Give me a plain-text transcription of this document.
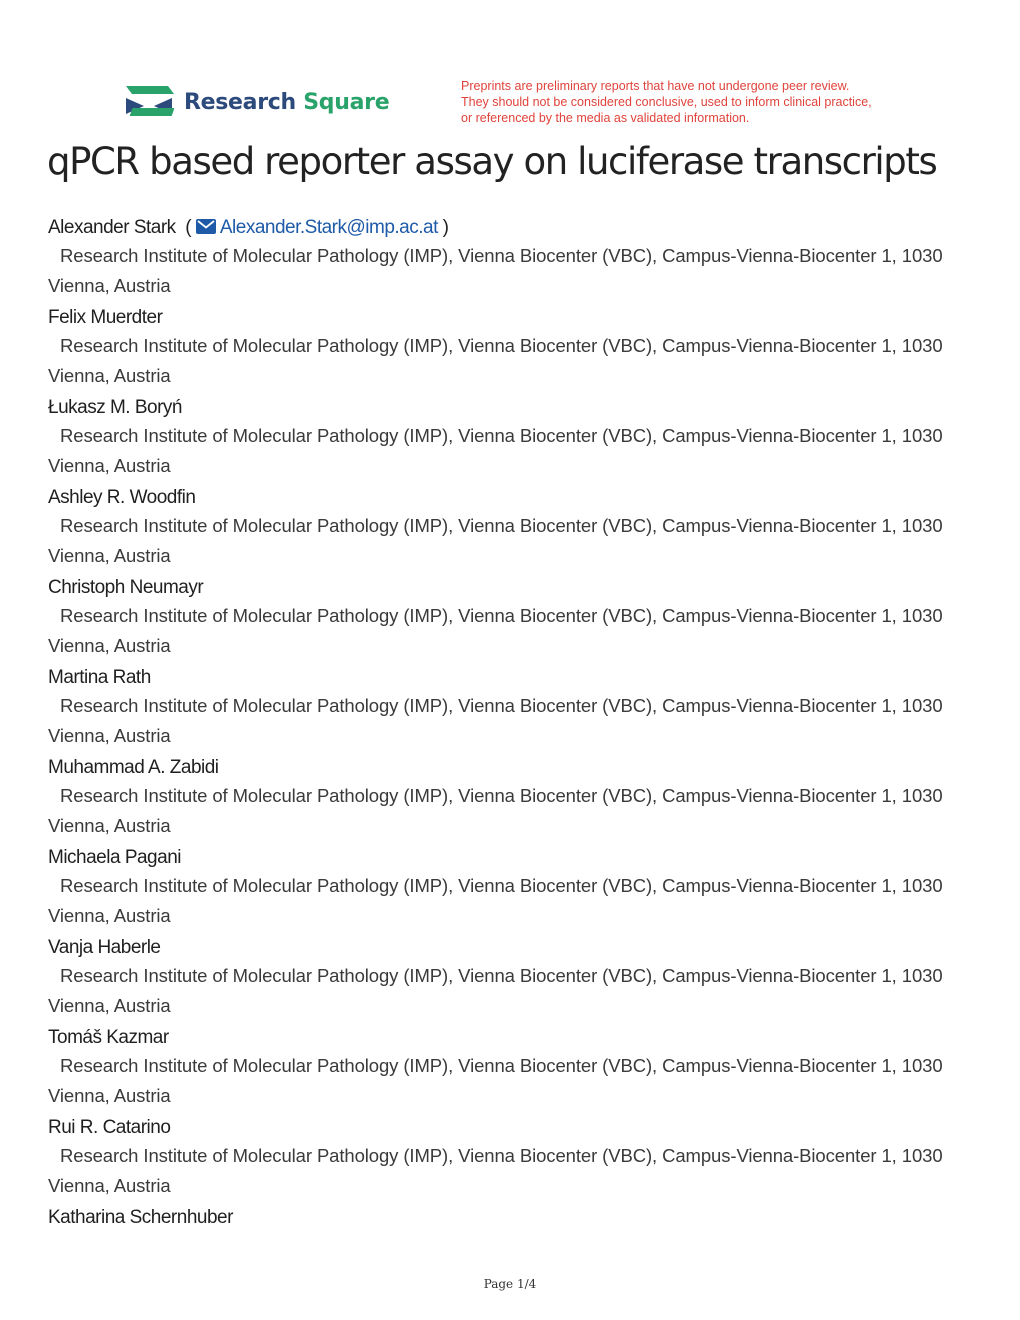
Research Square
Preprints are preliminary reports that have not undergone peer review.
They should not be considered conclusive, used to inform clinical practice,
or referenced by the media as validated information.
qPCR based reporter assay on luciferase transcripts
Alexander Stark  ( Alexander.Stark@imp.ac.at )
Research Institute of Molecular Pathology (IMP), Vienna Biocenter (VBC), Campus-Vienna-Biocenter 1, 1030 Vienna, Austria
Felix Muerdter
Research Institute of Molecular Pathology (IMP), Vienna Biocenter (VBC), Campus-Vienna-Biocenter 1, 1030 Vienna, Austria
Łukasz M. Boryń
Research Institute of Molecular Pathology (IMP), Vienna Biocenter (VBC), Campus-Vienna-Biocenter 1, 1030 Vienna, Austria
Ashley R. Woodfin
Research Institute of Molecular Pathology (IMP), Vienna Biocenter (VBC), Campus-Vienna-Biocenter 1, 1030 Vienna, Austria
Christoph Neumayr
Research Institute of Molecular Pathology (IMP), Vienna Biocenter (VBC), Campus-Vienna-Biocenter 1, 1030 Vienna, Austria
Martina Rath
Research Institute of Molecular Pathology (IMP), Vienna Biocenter (VBC), Campus-Vienna-Biocenter 1, 1030 Vienna, Austria
Muhammad A. Zabidi
Research Institute of Molecular Pathology (IMP), Vienna Biocenter (VBC), Campus-Vienna-Biocenter 1, 1030 Vienna, Austria
Michaela Pagani
Research Institute of Molecular Pathology (IMP), Vienna Biocenter (VBC), Campus-Vienna-Biocenter 1, 1030 Vienna, Austria
Vanja Haberle
Research Institute of Molecular Pathology (IMP), Vienna Biocenter (VBC), Campus-Vienna-Biocenter 1, 1030 Vienna, Austria
Tomáš Kazmar
Research Institute of Molecular Pathology (IMP), Vienna Biocenter (VBC), Campus-Vienna-Biocenter 1, 1030 Vienna, Austria
Rui R. Catarino
Research Institute of Molecular Pathology (IMP), Vienna Biocenter (VBC), Campus-Vienna-Biocenter 1, 1030 Vienna, Austria
Katharina Schernhuber
Page 1/4
